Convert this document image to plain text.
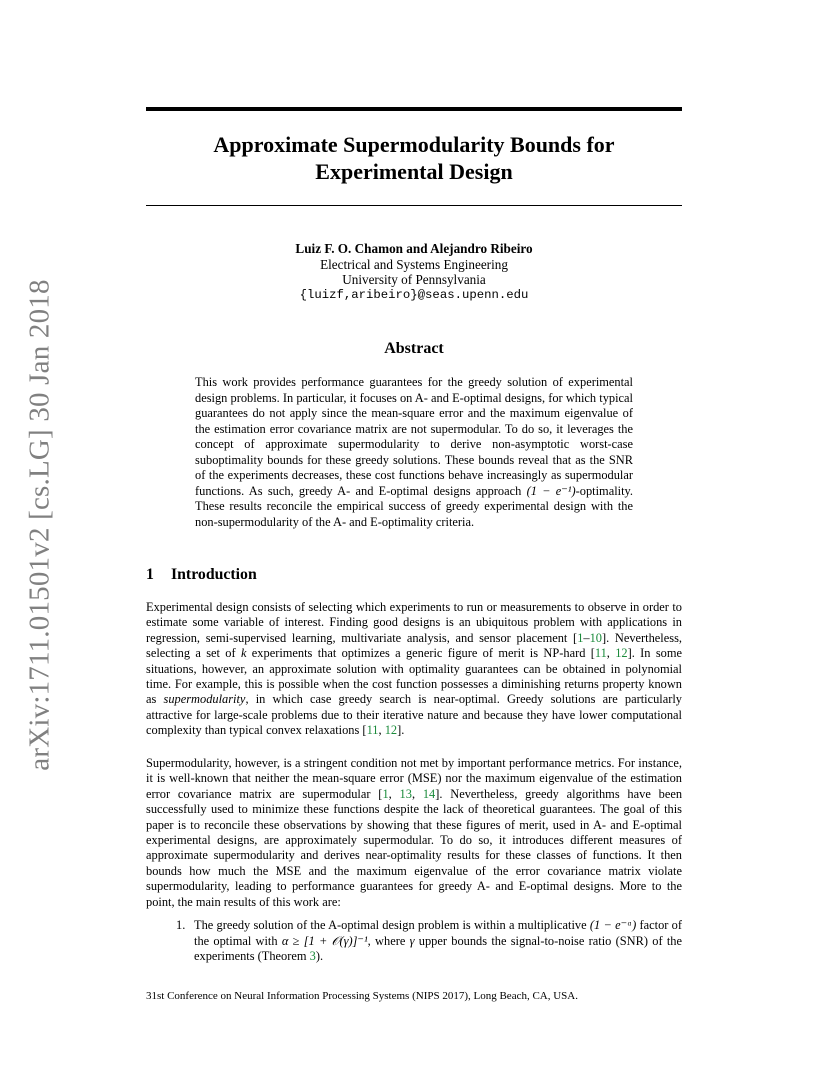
arXiv:1711.01501v2 [cs.LG] 30 Jan 2018
Approximate Supermodularity Bounds for
Experimental Design
Luiz F. O. Chamon and Alejandro Ribeiro
Electrical and Systems Engineering
University of Pennsylvania
{luizf,aribeiro}@seas.upenn.edu
Abstract

This work provides performance guarantees for the greedy solution of experimental design problems. In particular, it focuses on A- and E-optimal designs, for which typical guarantees do not apply since the mean-square error and the maximum eigenvalue of the estimation error covariance matrix are not supermodular. To do so, it leverages the concept of approximate supermodularity to derive non-asymptotic worst-case suboptimality bounds for these greedy solutions. These bounds reveal that as the SNR of the experiments decreases, these cost functions behave increasingly as supermodular functions. As such, greedy A- and E-optimal designs approach (1 − e⁻¹)-optimality. These results reconcile the empirical success of greedy experimental design with the non-supermodularity of the A- and E-optimality criteria.

1 Introduction

Experimental design consists of selecting which experiments to run or measurements to observe in order to estimate some variable of interest. Finding good designs is an ubiquitous problem with applications in regression, semi-supervised learning, multivariate analysis, and sensor placement [1–10]. Nevertheless, selecting a set of k experiments that optimizes a generic figure of merit is NP-hard [11, 12]. In some situations, however, an approximate solution with optimality guarantees can be obtained in polynomial time. For example, this is possible when the cost function possesses a diminishing returns property known as supermodularity, in which case greedy search is near-optimal. Greedy solutions are particularly attractive for large-scale problems due to their iterative nature and because they have lower computational complexity than typical convex relaxations [11, 12].

Supermodularity, however, is a stringent condition not met by important performance metrics. For instance, it is well-known that neither the mean-square error (MSE) nor the maximum eigenvalue of the estimation error covariance matrix are supermodular [1, 13, 14]. Nevertheless, greedy algorithms have been successfully used to minimize these functions despite the lack of theoretical guarantees. The goal of this paper is to reconcile these observations by showing that these figures of merit, used in A- and E-optimal experimental designs, are approximately supermodular. To do so, it introduces different measures of approximate supermodularity and derives near-optimality results for these classes of functions. It then bounds how much the MSE and the maximum eigenvalue of the error covariance matrix violate supermodularity, leading to performance guarantees for greedy A- and E-optimal designs. More to the point, the main results of this work are:

1. The greedy solution of the A-optimal design problem is within a multiplicative (1 − e⁻ᵅ) factor of the optimal with α ≥ [1 + 𝒪(γ)]⁻¹, where γ upper bounds the signal-to-noise ratio (SNR) of the experiments (Theorem 3).

31st Conference on Neural Information Processing Systems (NIPS 2017), Long Beach, CA, USA.
